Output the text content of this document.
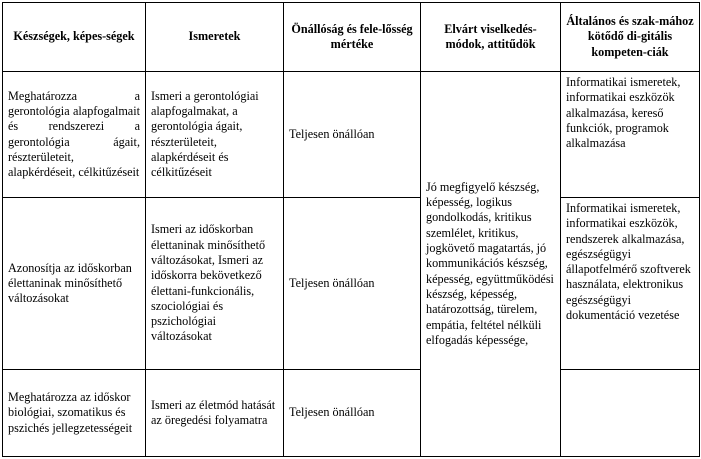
Készségek, képes-ségek	Ismeretek	Önállóság és fele-lősség mértéke	Elvárt viselkedés-módok, attitűdök	Általános és szak-mához kötődő di-gitális kompeten-ciák
Meghatározza a gerontológia alapfogalmait és rendszerezi a gerontológia ágait, részterületeit, alapkérdéseit, célkitűzéseit	Ismeri a gerontológiai alapfogalmakat, a gerontológia ágait, részterületeit, alapkérdéseit és célkitűzéseit	Teljesen önállóan	Jó megfigyelő készség, képesség, logikus gondolkodás, kritikus szemlélet, kritikus, jogkövető magatartás, jó kommunikációs készség, képesség, együttműködési készség, képesség, határozottság, türelem, empátia, feltétel nélküli elfogadás képessége,	Informatikai ismeretek, informatikai eszközök alkalmazása, kereső funkciók, programok alkalmazása
Azonosítja az időskorban élettaninak minősíthető változásokat	Ismeri az időskorban élettaninak minősíthető változásokat, Ismeri az időskorra bekövetkező élettani-funkcionális, szociológiai és pszichológiai változásokat	Teljesen önállóan		Informatikai ismeretek, informatikai eszközök, rendszerek alkalmazása, egészségügyi állapotfelmérő szoftverek használata, elektronikus egészségügyi dokumentáció vezetése
Meghatározza az időskor biológiai, szomatikus és pszichés jellegzetességeit	Ismeri az életmód hatását az öregedési folyamatra	Teljesen önállóan		
